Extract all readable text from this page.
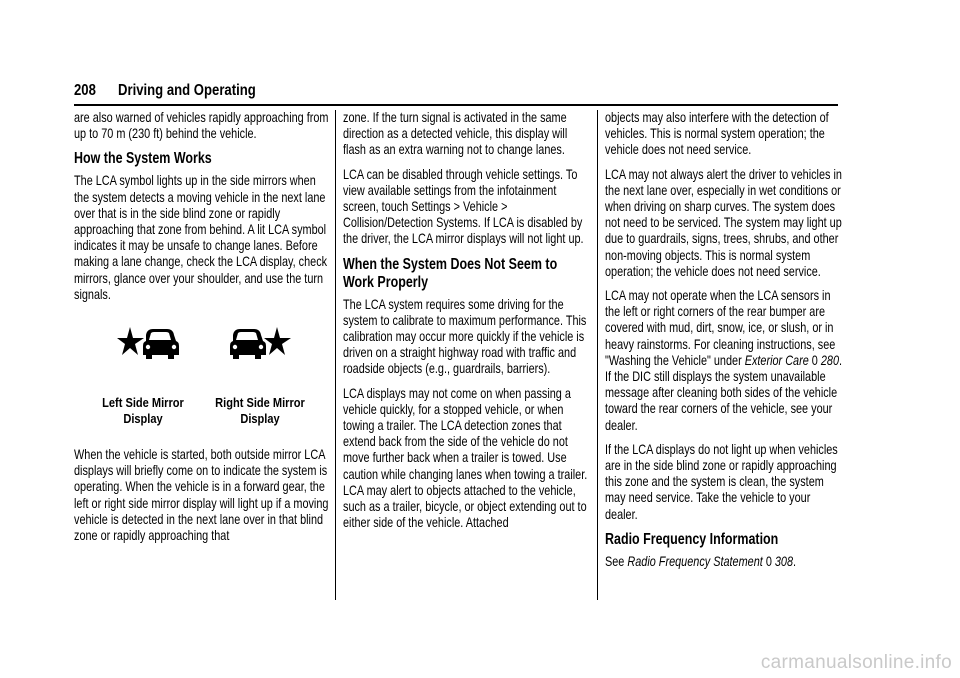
208 Driving and Operating

are also warned of vehicles rapidly approaching from up to 70 m (230 ft) behind the vehicle.

How the System Works

The LCA symbol lights up in the side mirrors when the system detects a moving vehicle in the next lane over that is in the side blind zone or rapidly approaching that zone from behind. A lit LCA symbol indicates it may be unsafe to change lanes. Before making a lane change, check the LCA display, check mirrors, glance over your shoulder, and use the turn signals.

Left Side Mirror Display
Right Side Mirror Display

When the vehicle is started, both outside mirror LCA displays will briefly come on to indicate the system is operating. When the vehicle is in a forward gear, the left or right side mirror display will light up if a moving vehicle is detected in the next lane over in that blind zone or rapidly approaching that

zone. If the turn signal is activated in the same direction as a detected vehicle, this display will flash as an extra warning not to change lanes.

LCA can be disabled through vehicle settings. To view available settings from the infotainment screen, touch Settings > Vehicle > Collision/Detection Systems. If LCA is disabled by the driver, the LCA mirror displays will not light up.

When the System Does Not Seem to Work Properly

The LCA system requires some driving for the system to calibrate to maximum performance. This calibration may occur more quickly if the vehicle is driven on a straight highway road with traffic and roadside objects (e.g., guardrails, barriers).

LCA displays may not come on when passing a vehicle quickly, for a stopped vehicle, or when towing a trailer. The LCA detection zones that extend back from the side of the vehicle do not move further back when a trailer is towed. Use caution while changing lanes when towing a trailer. LCA may alert to objects attached to the vehicle, such as a trailer, bicycle, or object extending out to either side of the vehicle. Attached

objects may also interfere with the detection of vehicles. This is normal system operation; the vehicle does not need service.

LCA may not always alert the driver to vehicles in the next lane over, especially in wet conditions or when driving on sharp curves. The system does not need to be serviced. The system may light up due to guardrails, signs, trees, shrubs, and other non-moving objects. This is normal system operation; the vehicle does not need service.

LCA may not operate when the LCA sensors in the left or right corners of the rear bumper are covered with mud, dirt, snow, ice, or slush, or in heavy rainstorms. For cleaning instructions, see "Washing the Vehicle" under Exterior Care 0 280. If the DIC still displays the system unavailable message after cleaning both sides of the vehicle toward the rear corners of the vehicle, see your dealer.

If the LCA displays do not light up when vehicles are in the side blind zone or rapidly approaching this zone and the system is clean, the system may need service. Take the vehicle to your dealer.

Radio Frequency Information

See Radio Frequency Statement 0 308.

carmanualsonline.info
